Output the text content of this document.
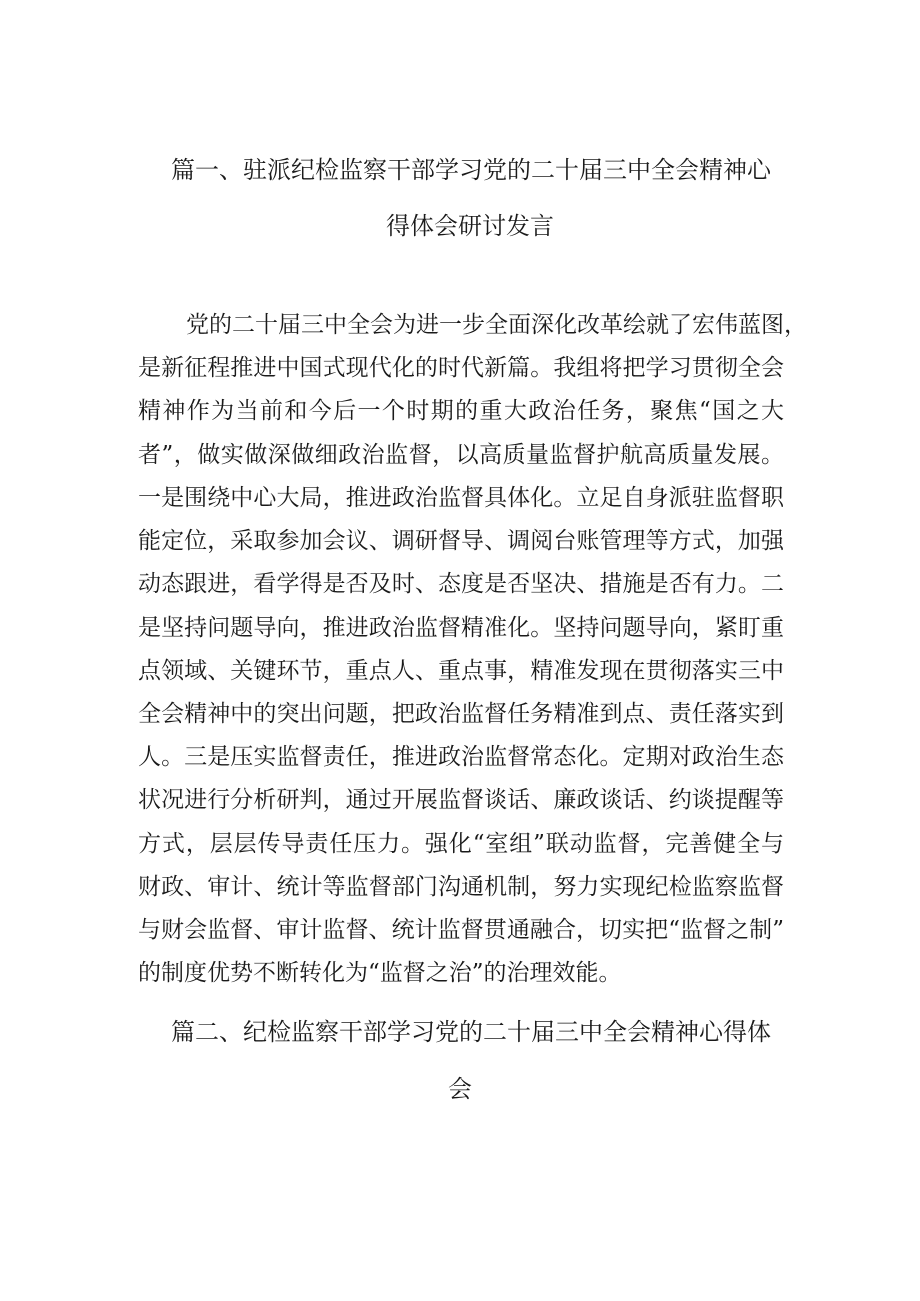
篇一、驻派纪检监察干部学习党的二十届三中全会精神心
得体会研讨发言
党的二十届三中全会为进一步全面深化改革绘就了宏伟蓝图，
是新征程推进中国式现代化的时代新篇。我组将把学习贯彻全会
精神作为当前和今后一个时期的重大政治任务，聚焦“国之大
者”，做实做深做细政治监督，以高质量监督护航高质量发展。
一是围绕中心大局，推进政治监督具体化。立足自身派驻监督职
能定位，采取参加会议、调研督导、调阅台账管理等方式，加强
动态跟进，看学得是否及时、态度是否坚决、措施是否有力。二
是坚持问题导向，推进政治监督精准化。坚持问题导向，紧盯重
点领域、关键环节，重点人、重点事，精准发现在贯彻落实三中
全会精神中的突出问题，把政治监督任务精准到点、责任落实到
人。三是压实监督责任，推进政治监督常态化。定期对政治生态
状况进行分析研判，通过开展监督谈话、廉政谈话、约谈提醒等
方式，层层传导责任压力。强化“室组”联动监督，完善健全与
财政、审计、统计等监督部门沟通机制，努力实现纪检监察监督
与财会监督、审计监督、统计监督贯通融合，切实把“监督之制”
的制度优势不断转化为“监督之治”的治理效能。
篇二、纪检监察干部学习党的二十届三中全会精神心得体
会
